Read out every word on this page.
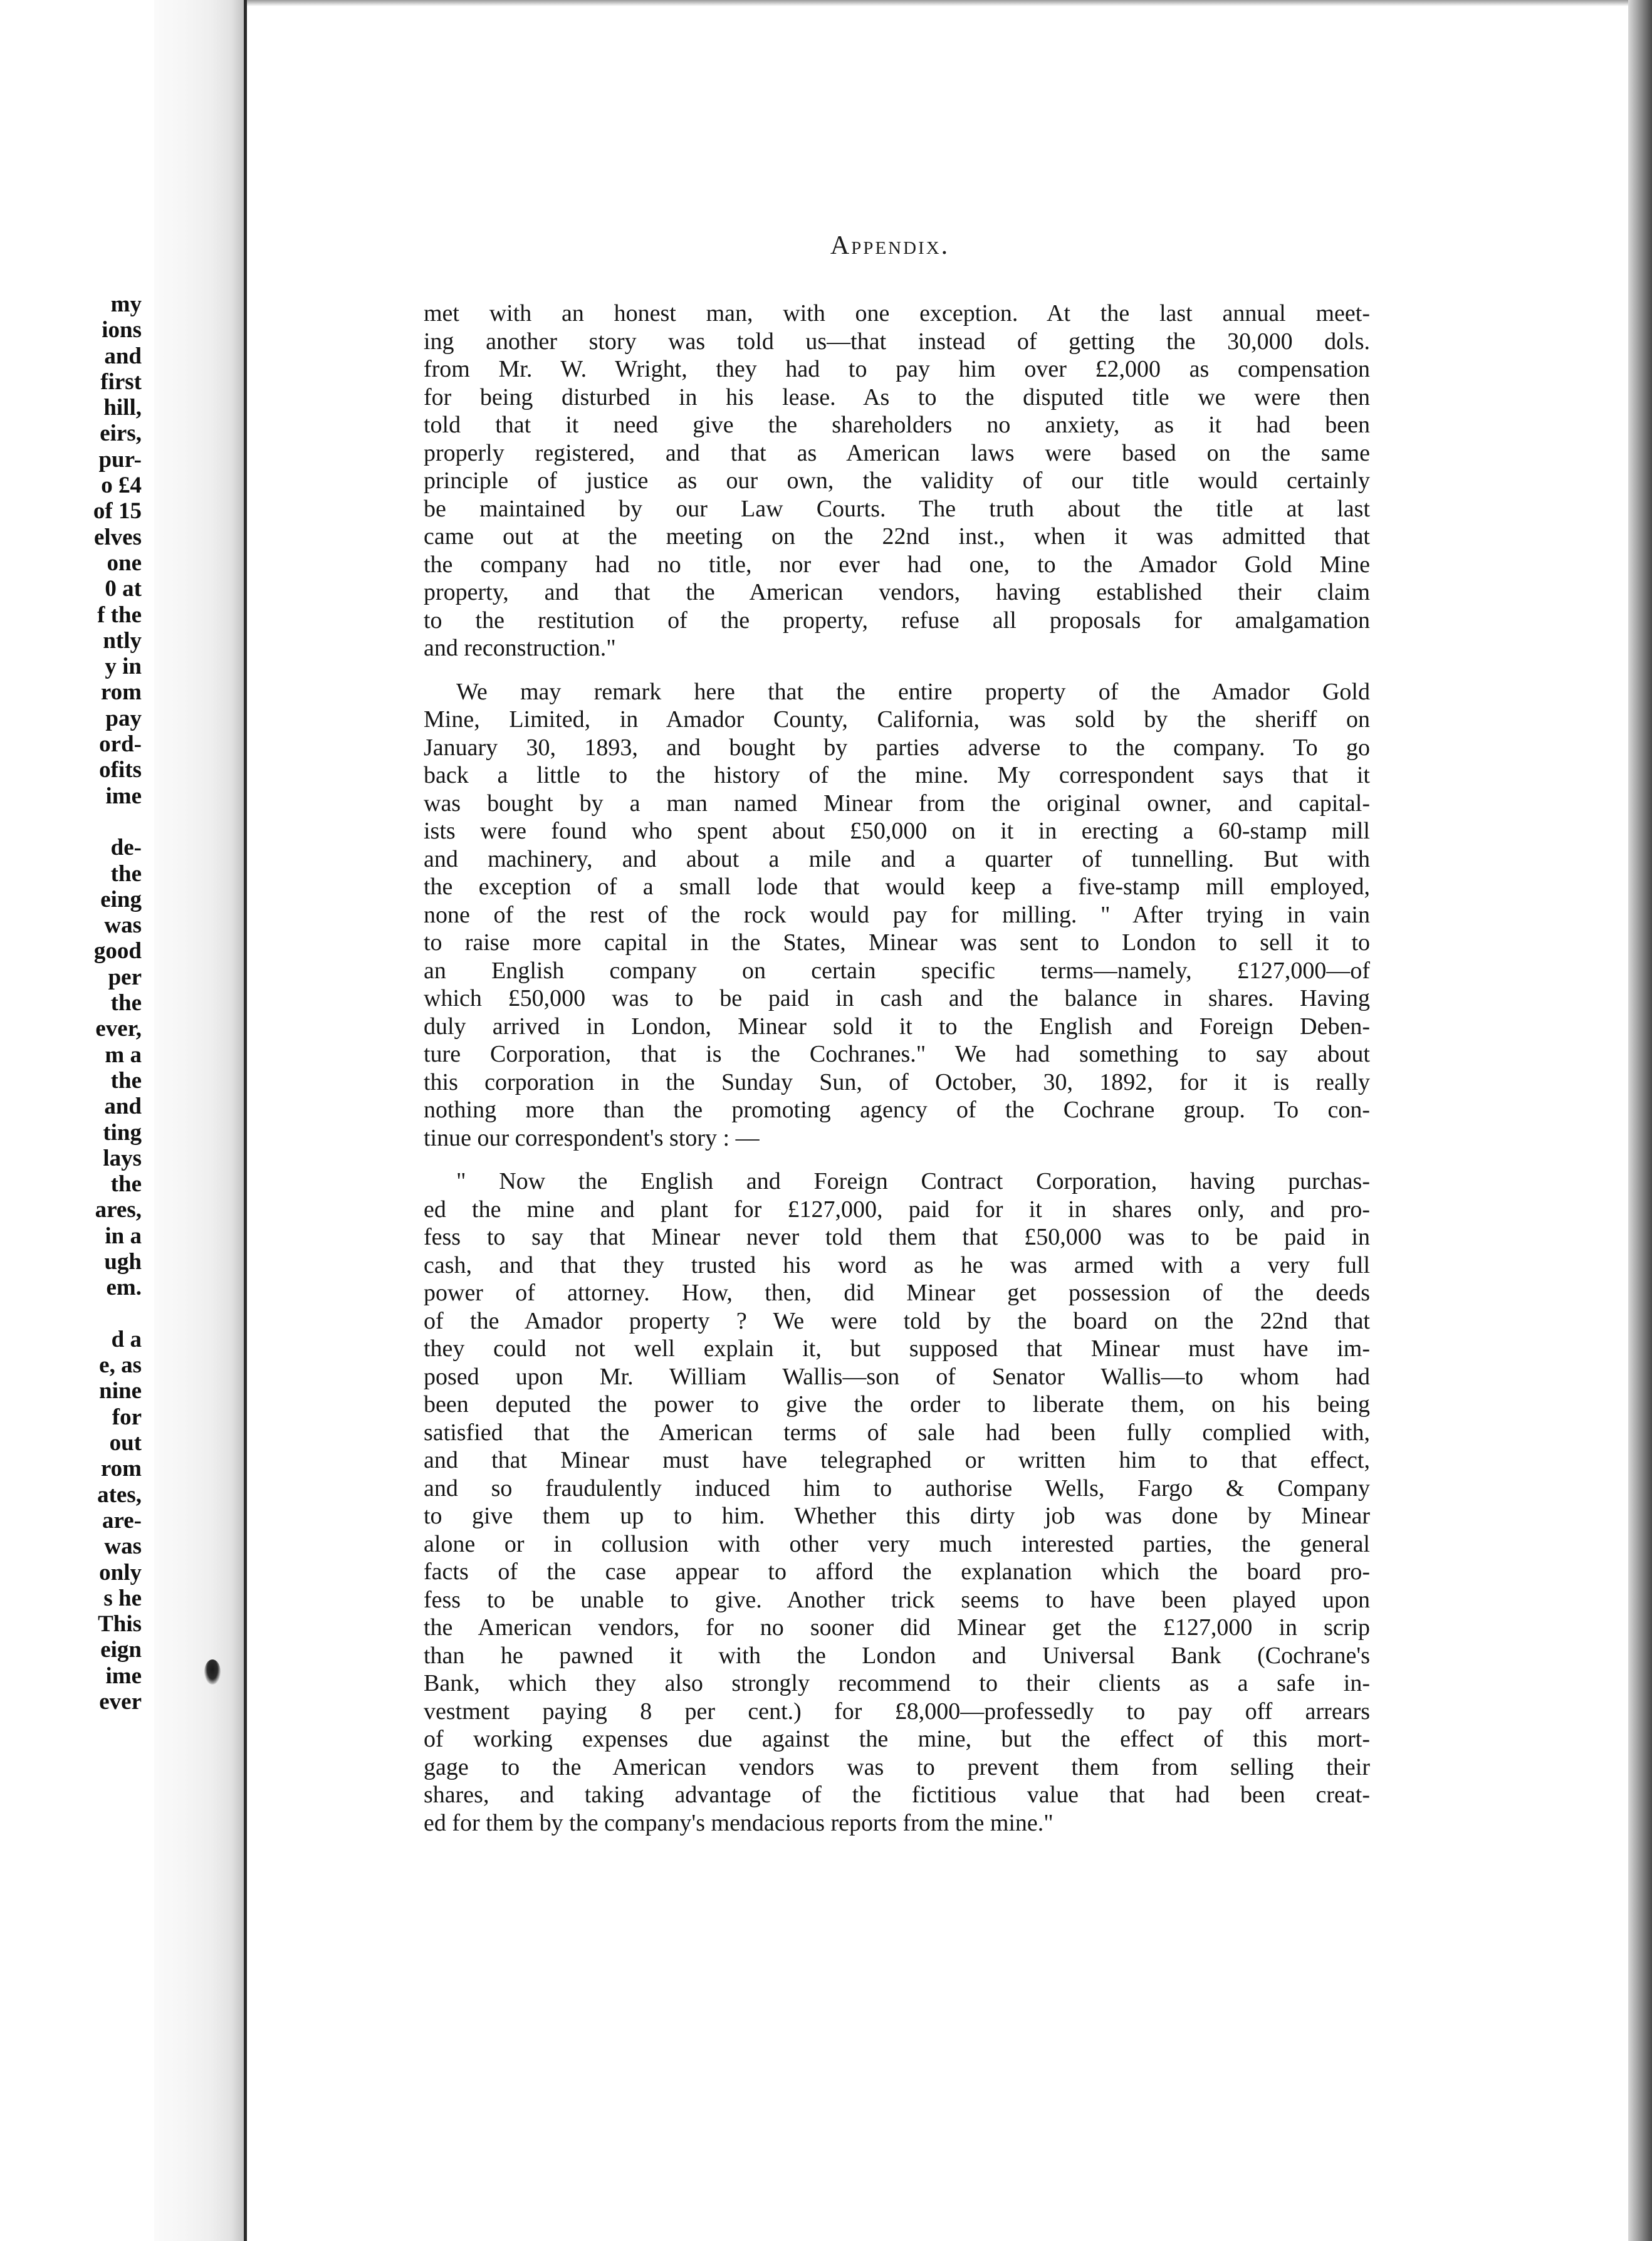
my
ions
and
first
hill,
eirs,
pur-
o £4
of 15
elves
one
0 at
f the
ntly
y in
rom
pay
ord-
ofits
ime
de-
the
eing
was
good
per
the
ever,
m a
the
and
ting
lays
the
ares,
in a
ugh
em.
d a
e, as
nine
for
out
rom
ates,
are-
was
only
s he
This
eign
ime
ever
Appendix.
met with an honest man, with one exception. At the last annual meet-
ing another story was told us—that instead of getting the 30,000 dols.
from Mr. W. Wright, they had to pay him over £2,000 as compensation
for being disturbed in his lease. As to the disputed title we were then
told that it need give the shareholders no anxiety, as it had been
properly registered, and that as American laws were based on the same
principle of justice as our own, the validity of our title would certainly
be maintained by our Law Courts. The truth about the title at last
came out at the meeting on the 22nd inst., when it was admitted that
the company had no title, nor ever had one, to the Amador Gold Mine
property, and that the American vendors, having established their claim
to the restitution of the property, refuse all proposals for amalgamation
and reconstruction."
We may remark here that the entire property of the Amador Gold
Mine, Limited, in Amador County, California, was sold by the sheriff on
January 30, 1893, and bought by parties adverse to the company. To go
back a little to the history of the mine. My correspondent says that it
was bought by a man named Minear from the original owner, and capital-
ists were found who spent about £50,000 on it in erecting a 60-stamp mill
and machinery, and about a mile and a quarter of tunnelling. But with
the exception of a small lode that would keep a five-stamp mill employed,
none of the rest of the rock would pay for milling. " After trying in vain
to raise more capital in the States, Minear was sent to London to sell it to
an English company on certain specific terms—namely, £127,000—of
which £50,000 was to be paid in cash and the balance in shares. Having
duly arrived in London, Minear sold it to the English and Foreign Deben-
ture Corporation, that is the Cochranes." We had something to say about
this corporation in the Sunday Sun, of October, 30, 1892, for it is really
nothing more than the promoting agency of the Cochrane group. To con-
tinue our correspondent's story : —
" Now the English and Foreign Contract Corporation, having purchas-
ed the mine and plant for £127,000, paid for it in shares only, and pro-
fess to say that Minear never told them that £50,000 was to be paid in
cash, and that they trusted his word as he was armed with a very full
power of attorney. How, then, did Minear get possession of the deeds
of the Amador property ? We were told by the board on the 22nd that
they could not well explain it, but supposed that Minear must have im-
posed upon Mr. William Wallis—son of Senator Wallis—to whom had
been deputed the power to give the order to liberate them, on his being
satisfied that the American terms of sale had been fully complied with,
and that Minear must have telegraphed or written him to that effect,
and so fraudulently induced him to authorise Wells, Fargo & Company
to give them up to him. Whether this dirty job was done by Minear
alone or in collusion with other very much interested parties, the general
facts of the case appear to afford the explanation which the board pro-
fess to be unable to give. Another trick seems to have been played upon
the American vendors, for no sooner did Minear get the £127,000 in scrip
than he pawned it with the London and Universal Bank (Cochrane's
Bank, which they also strongly recommend to their clients as a safe in-
vestment paying 8 per cent.) for £8,000—professedly to pay off arrears
of working expenses due against the mine, but the effect of this mort-
gage to the American vendors was to prevent them from selling their
shares, and taking advantage of the fictitious value that had been creat-
ed for them by the company's mendacious reports from the mine."
